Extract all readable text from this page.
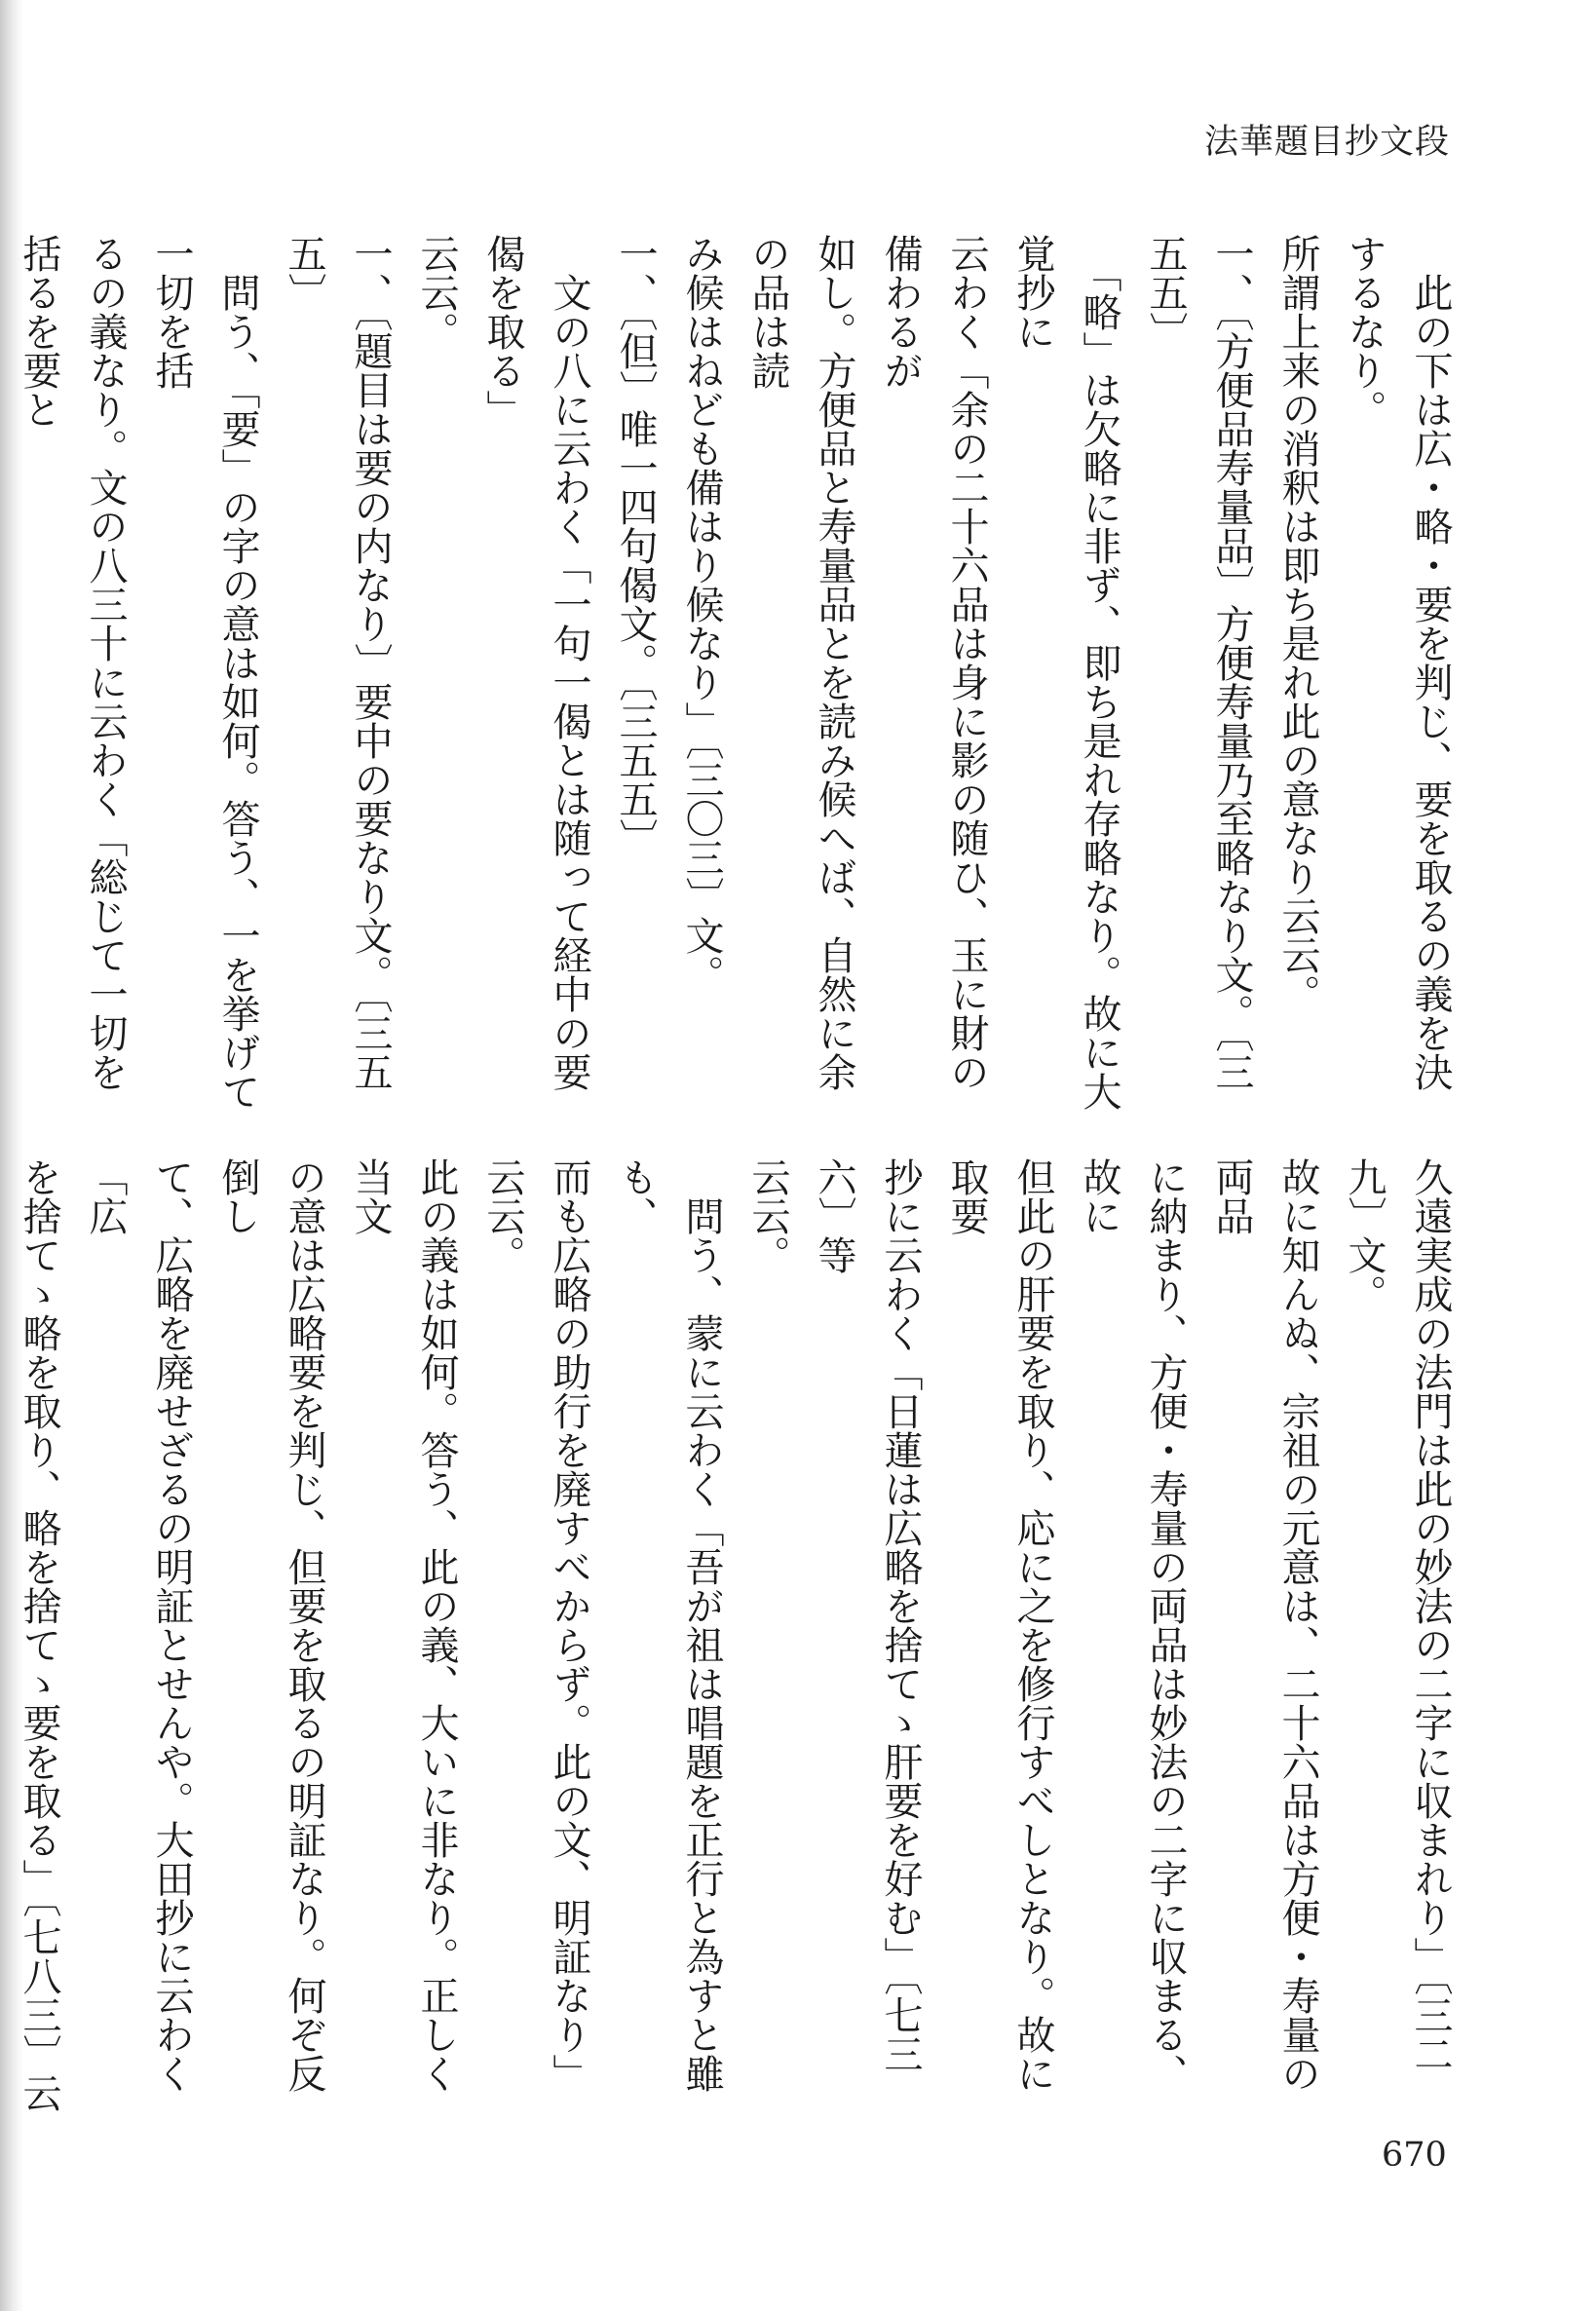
法華題目抄文段
　此の下は広・略・要を判じ、要を取るの義を決するなり。
所謂上来の消釈は即ち是れ此の意なり云云。
一、〔方便品寿量品〕方便寿量乃至略なり文。〔三五五〕
　「略」は欠略に非ず、即ち是れ存略なり。故に大覚抄に
云わく「余の二十六品は身に影の随ひ、玉に財の備わるが
如し。方便品と寿量品とを読み候へば、自然に余の品は読
み候はねども備はり候なり」〔三〇三〕文。
一、〔但〕唯一四句偈文。〔三五五〕
　文の八に云わく「一句一偈とは随って経中の要偈を取る」
云云。
一、〔題目は要の内なり〕要中の要なり文。〔三五五〕
　問う、「要」の字の意は如何。答う、一を挙げて一切を括
るの義なり。文の八三十に云わく「総じて一切を括るを要と
久遠実成の法門は此の妙法の二字に収まれり」〔三二九〕文。
故に知んぬ、宗祖の元意は、二十六品は方便・寿量の両品
に納まり、方便・寿量の両品は妙法の二字に収まる、故に
但此の肝要を取り、応に之を修行すべしとなり。故に取要
抄に云わく「日蓮は広略を捨てゝ肝要を好む」〔七三六〕等
云云。
　問う、蒙に云わく「吾が祖は唱題を正行と為すと雖も、
而も広略の助行を廃すべからず。此の文、明証なり」云云。
此の義は如何。答う、此の義、大いに非なり。正しく当文
の意は広略要を判じ、但要を取るの明証なり。何ぞ反倒し
て、広略を廃せざるの明証とせんや。大田抄に云わく「広
を捨てゝ略を取り、略を捨てゝ要を取る」〔七八三〕云
670
